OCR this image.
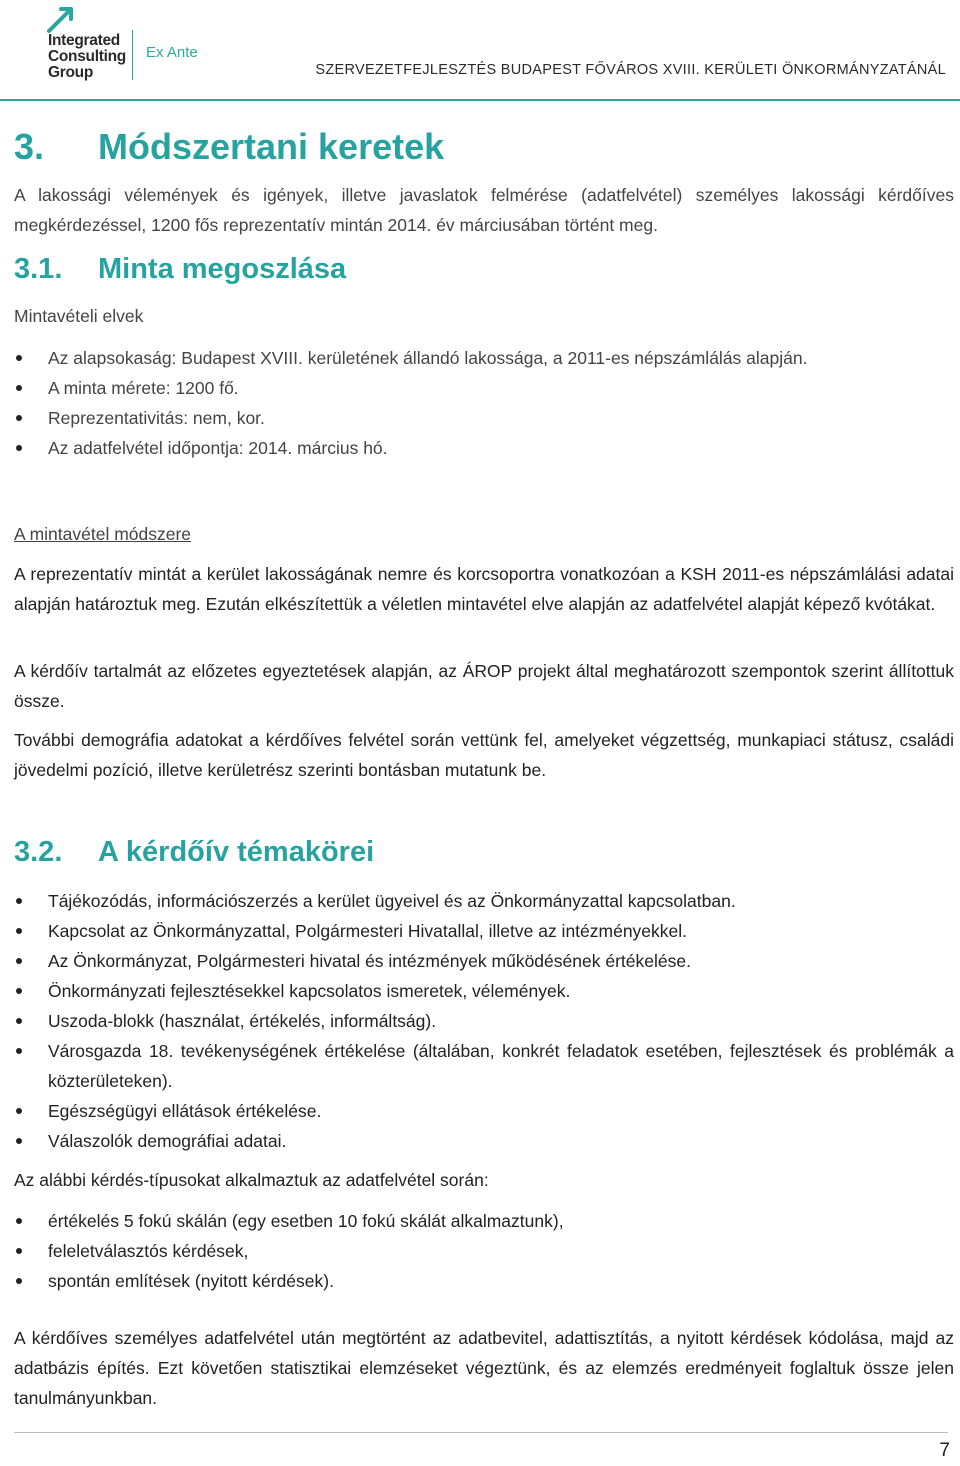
Integrated
Consulting
Group
Ex Ante
SZERVEZETFEJLESZTÉS BUDAPEST FŐVÁROS XVIII. KERÜLETI ÖNKORMÁNYZATÁNÁL
3. Módszertani keretek
A lakossági vélemények és igények, illetve javaslatok felmérése (adatfelvétel) személyes lakossági kérdőíves megkérdezéssel, 1200 fős reprezentatív mintán 2014. év márciusában történt meg.
3.1. Minta megoszlása
Mintavételi elvek
Az alapsokaság: Budapest XVIII. kerületének állandó lakossága, a 2011-es népszámlálás alapján.
A minta mérete: 1200 fő.
Reprezentativitás: nem, kor.
Az adatfelvétel időpontja: 2014. március hó.
A mintavétel módszere
A reprezentatív mintát a kerület lakosságának nemre és korcsoportra vonatkozóan a KSH 2011-es népszámlálási adatai alapján határoztuk meg. Ezután elkészítettük a véletlen mintavétel elve alapján az adatfelvétel alapját képező kvótákat.
A kérdőív tartalmát az előzetes egyeztetések alapján, az ÁROP projekt által meghatározott szempontok szerint állítottuk össze.
További demográfia adatokat a kérdőíves felvétel során vettünk fel, amelyeket végzettség, munkapiaci státusz, családi jövedelmi pozíció, illetve kerületrész szerinti bontásban mutatunk be.
3.2. A kérdőív témakörei
Tájékozódás, információszerzés a kerület ügyeivel és az Önkormányzattal kapcsolatban.
Kapcsolat az Önkormányzattal, Polgármesteri Hivatallal, illetve az intézményekkel.
Az Önkormányzat, Polgármesteri hivatal és intézmények működésének értékelése.
Önkormányzati fejlesztésekkel kapcsolatos ismeretek, vélemények.
Uszoda-blokk (használat, értékelés, informáltság).
Városgazda 18. tevékenységének értékelése (általában, konkrét feladatok esetében, fejlesztések és problémák a közterületeken).
Egészségügyi ellátások értékelése.
Válaszolók demográfiai adatai.
Az alábbi kérdés-típusokat alkalmaztuk az adatfelvétel során:
értékelés 5 fokú skálán (egy esetben 10 fokú skálát alkalmaztunk),
feleletválasztós kérdések,
spontán említések (nyitott kérdések).
A kérdőíves személyes adatfelvétel után megtörtént az adatbevitel, adattisztítás, a nyitott kérdések kódolása, majd az adatbázis építés. Ezt követően statisztikai elemzéseket végeztünk, és az elemzés eredményeit foglaltuk össze jelen tanulmányunkban.
7
